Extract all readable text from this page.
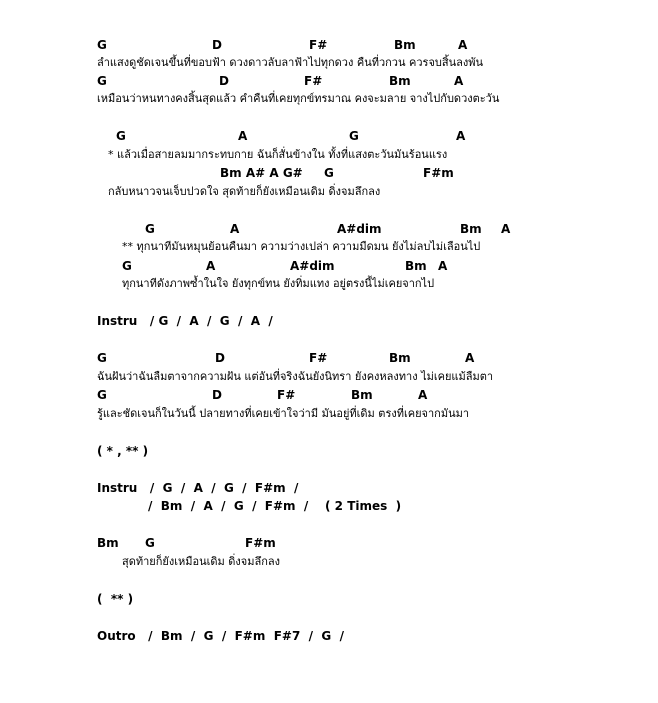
G	D	F#	Bm	A
ลำแสงดูชัดเจนขึ้นที่ขอบฟ้า ดวงดาวลับลาฟ้าไปทุกดวง คืนที่วกวน ควรจบสิ้นลงพัน
G	D	F#	Bm	A
เหมือนว่าหนทางคงสิ้นสุดแล้ว คำคืนที่เคยทุกข์ทรมาณ คงจะมลาย จางไปกับดวงตะวัน
G	A	G	A
* แล้วเมื่อสายลมมากระทบกาย ฉันก็สั่นข้างใน ทั้งที่แสงตะวันมันร้อนแรง
Bm A# A G# G	F#m
กลับหนาวจนเจ็บปวดใจ สุดท้ายก็ยังเหมือนเดิม ดิ่งจมลึกลง
G	A	A#dim	Bm A
** ทุกนาทีมันหมุนย้อนคืนมา ความว่างเปล่า ความมืดมน ยังไม่ลบไม่เลือนไป
G	A	A#dim	Bm A
ทุกนาทีดังภาพซ้ำในใจ ยังทุกข์ทน ยังทิ่มแทง อยู่ตรงนี้ไม่เคยจากไป
Instru   / G  /  A  /  G  /  A  /
G	D	F#	Bm	A
ฉันฝันว่าฉันลืมตาจากความฝัน แต่อันที่จริงฉันยังนิทรา ยังคงหลงทาง ไม่เคยแม้ลืมตา
G	D	F#	Bm	A
รู้และชัดเจนก็ในวันนี้ ปลายทางที่เคยเข้าใจว่ามี มันอยู่ที่เดิม ตรงที่เคยจากมันมา
( * , ** )
Instru   /  G  /  A  /  G  /  F#m  /
/  Bm  /  A  /  G  /  F#m  /    ( 2 Times  )
Bm G	F#m
สุดท้ายก็ยังเหมือนเดิม ดิ่งจมลึกลง
(  ** )
Outro   /  Bm  /  G  /  F#m  F#7  /  G  /
